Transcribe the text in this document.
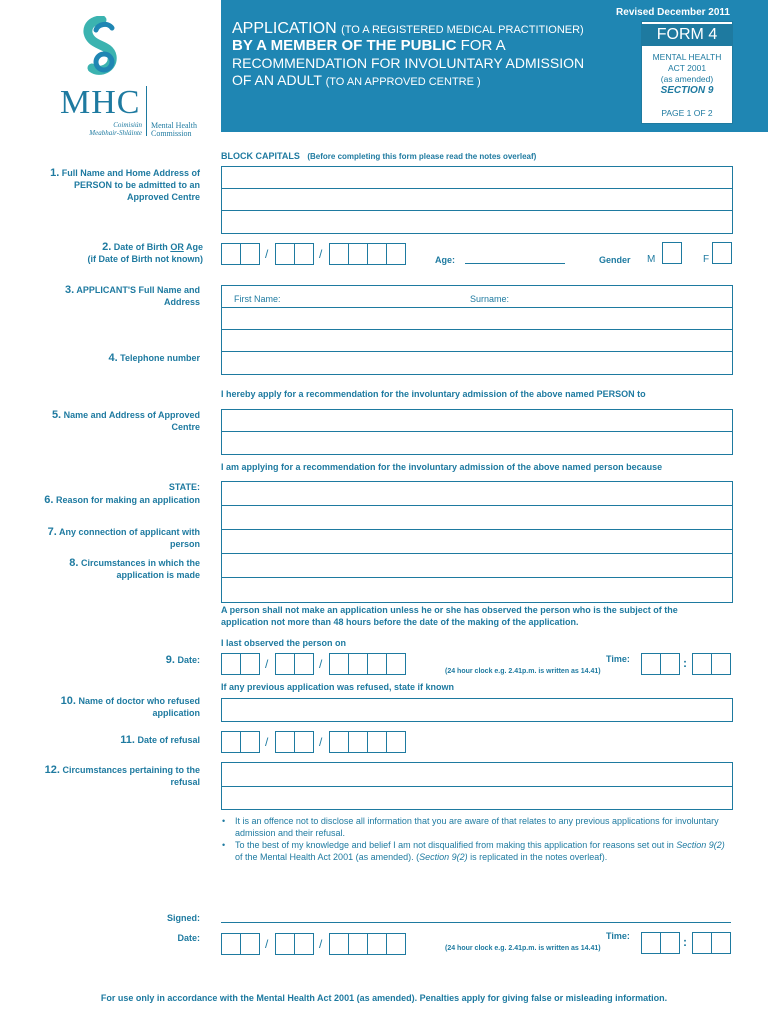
MHC
Coimisiún
Meabhair-Shláinte
Mental Health
Commission
Revised December 2011
APPLICATION (TO A REGISTERED MEDICAL PRACTITIONER)
BY A MEMBER OF THE PUBLIC FOR A
RECOMMENDATION FOR INVOLUNTARY ADMISSION
OF AN ADULT (TO AN APPROVED CENTRE )
FORM 4
MENTAL HEALTH
ACT 2001
(as amended)
SECTION 9
PAGE 1 OF 2
BLOCK CAPITALS (Before completing this form please read the notes overleaf)
1. Full Name and Home Address of PERSON to be admitted to an Approved Centre
2. Date of Birth OR Age
(if Date of Birth not known)	/	/	Age:	Gender M	F
3. APPLICANT'S Full Name and Address	First Name:	Surname:
4. Telephone number
I hereby apply for a recommendation for the involuntary admission of the above named PERSON to
5. Name and Address of Approved Centre
I am applying for a recommendation for the involuntary admission of the above named person because
STATE:
6. Reason for making an application
7. Any connection of applicant with person
8. Circumstances in which the application is made
A person shall not make an application unless he or she has observed the person who is the subject of the
application not more than 48 hours before the date of the making of the application.
I last observed the person on
9. Date:	/	/	Time:
(24 hour clock e.g. 2.41p.m. is written as 14.41)
:
If any previous application was refused, state if known
10. Name of doctor who refused application
11. Date of refusal	/	/
12. Circumstances pertaining to the refusal
• It is an offence not to disclose all information that you are aware of that relates to any previous applications for involuntary admission and their refusal.
• To the best of my knowledge and belief I am not disqualified from making this application for reasons set out in Section 9(2) of the Mental Health Act 2001 (as amended). (Section 9(2) is replicated in the notes overleaf).
Signed:
Date:	/	/
Time:
(24 hour clock e.g. 2.41p.m. is written as 14.41)	:
For use only in accordance with the Mental Health Act 2001 (as amended). Penalties apply for giving false or misleading information.
